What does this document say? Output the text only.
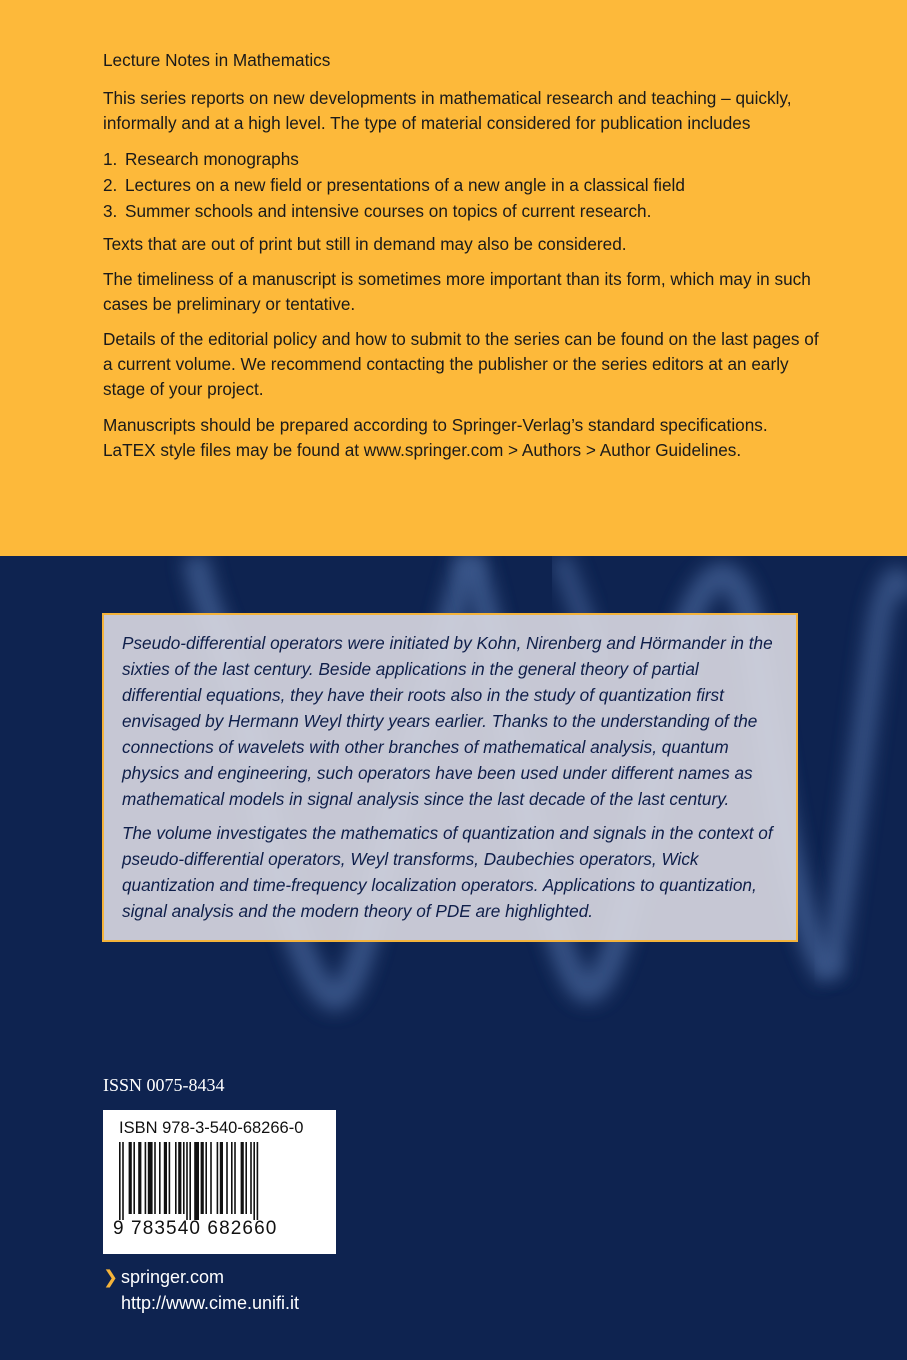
Lecture Notes in Mathematics

This series reports on new developments in mathematical research and teaching – quickly, informally and at a high level. The type of material considered for publication includes

1. Research monographs
2. Lectures on a new field or presentations of a new angle in a classical field
3. Summer schools and intensive courses on topics of current research.

Texts that are out of print but still in demand may also be considered.

The timeliness of a manuscript is sometimes more important than its form, which may in such cases be preliminary or tentative.

Details of the editorial policy and how to submit to the series can be found on the last pages of a current volume. We recommend contacting the publisher or the series editors at an early stage of your project.

Manuscripts should be prepared according to Springer-Verlag’s standard specifications.
LaTEX style files may be found at www.springer.com > Authors > Author Guidelines.

Pseudo-differential operators were initiated by Kohn, Nirenberg and Hörmander in the sixties of the last century. Beside applications in the general theory of partial differential equations, they have their roots also in the study of quantization first envisaged by Hermann Weyl thirty years earlier. Thanks to the understanding of the connections of wavelets with other branches of mathematical analysis, quantum physics and engineering, such operators have been used under different names as mathematical models in signal analysis since the last decade of the last century.

The volume investigates the mathematics of quantization and signals in the context of pseudo-differential operators, Weyl transforms, Daubechies operators, Wick quantization and time-frequency localization operators. Applications to quantization, signal analysis and the modern theory of PDE are highlighted.

ISSN 0075-8434
ISBN 978-3-540-68266-0
9 783540 682660
❯ springer.com
http://www.cime.unifi.it
